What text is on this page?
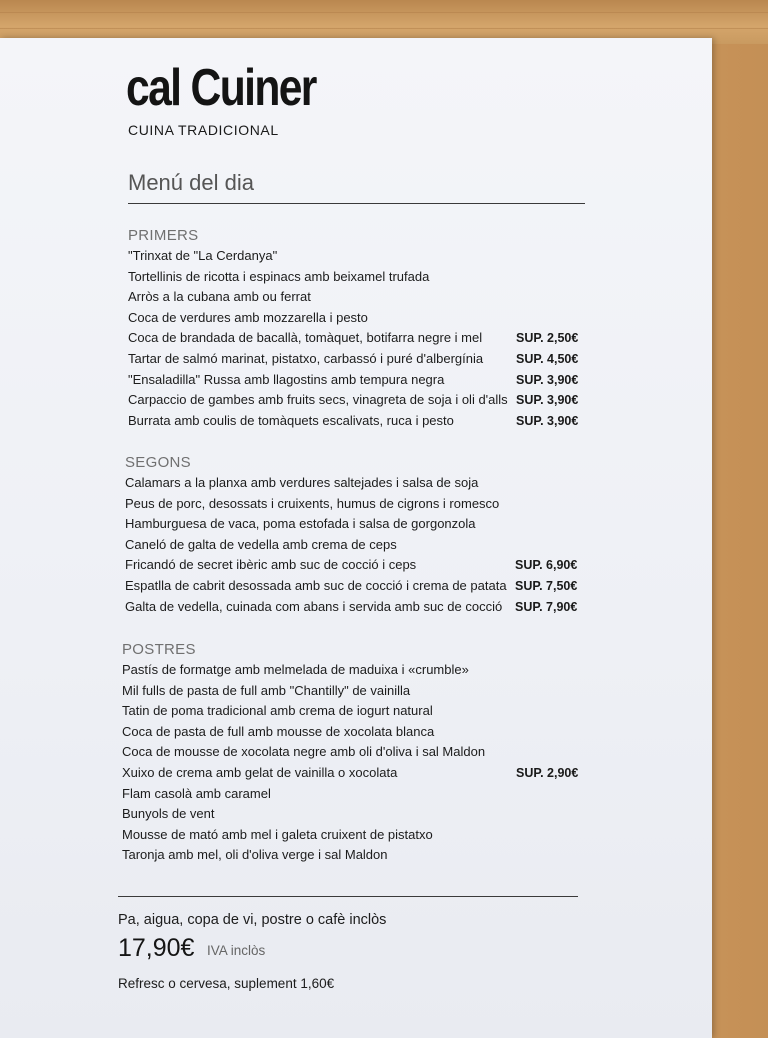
cal Cuiner
CUINA TRADICIONAL
Menú del dia
PRIMERS
"Trinxat de "La Cerdanya"
Tortellinis de ricotta i espinacs amb beixamel trufada
Arròs a la cubana amb ou ferrat
Coca de verdures amb mozzarella i pesto
Coca de brandada de bacallà, tomàquet, botifarra negre i mel	SUP. 2,50€
Tartar de salmó marinat, pistatxo, carbassó i puré d'albergínia	SUP. 4,50€
"Ensaladilla" Russa amb llagostins amb tempura negra	SUP. 3,90€
Carpaccio de gambes amb fruits secs, vinagreta de soja i oli d'alls SUP. 3,90€
Burrata amb coulis de tomàquets escalivats, ruca i pesto	SUP. 3,90€
SEGONS
Calamars a la planxa amb verdures saltejades i salsa de soja
Peus de porc, desossats i cruixents, humus de cigrons i romesco
Hamburguesa de vaca, poma estofada i salsa de gorgonzola
Caneló de galta de vedella amb crema de ceps
Fricandó de secret ibèric amb suc de cocció i ceps	SUP. 6,90€
Espatlla de cabrit desossada amb suc de cocció i crema de patata SUP. 7,50€
Galta de vedella, cuinada com abans i servida amb suc de cocció SUP. 7,90€
POSTRES
Pastís de formatge amb melmelada de maduixa i «crumble»
Mil fulls de pasta de full amb "Chantilly" de vainilla
Tatin de poma tradicional amb crema de iogurt natural
Coca de pasta de full amb mousse de xocolata blanca
Coca de mousse de xocolata negre amb oli d'oliva i sal Maldon
Xuixo de crema amb gelat de vainilla o xocolata	SUP. 2,90€
Flam casolà amb caramel
Bunyols de vent
Mousse de mató amb mel i galeta cruixent de pistatxo
Taronja amb mel, oli d'oliva verge i sal Maldon
Pa, aigua, copa de vi, postre o cafè inclòs
17,90€ IVA inclòs
Refresc o cervesa, suplement 1,60€
